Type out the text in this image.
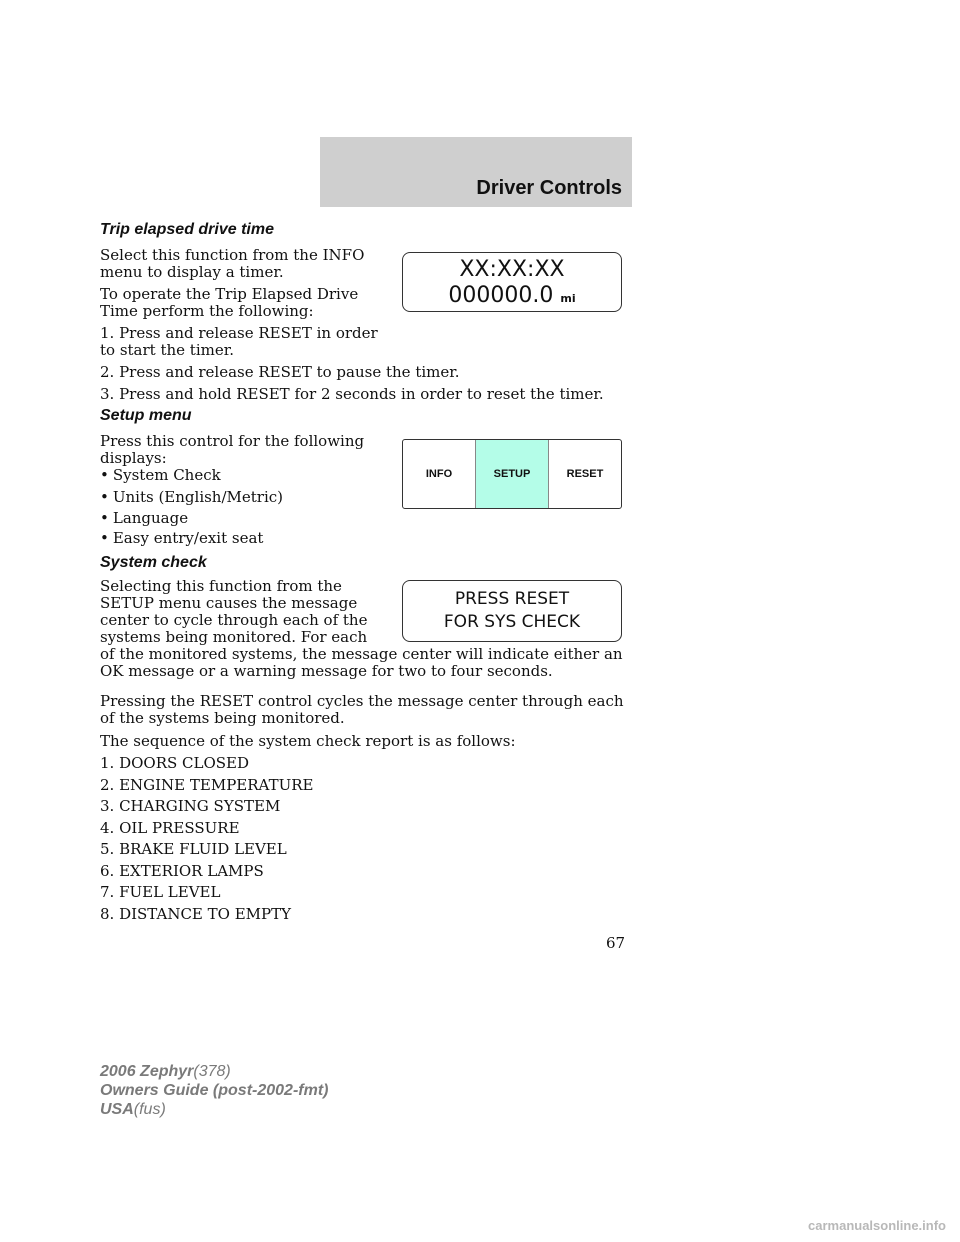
Driver Controls
Trip elapsed drive time
Select this function from the INFO menu to display a timer.
To operate the Trip Elapsed Drive Time perform the following:
1. Press and release RESET in order to start the timer.
2. Press and release RESET to pause the timer.
3. Press and hold RESET for 2 seconds in order to reset the timer.
XX:XX:XX
000000.0 mi
Setup menu
Press this control for the following displays:
• System Check
• Units (English/Metric)
• Language
• Easy entry/exit seat
INFO	SETUP	RESET
System check
Selecting this function from the SETUP menu causes the message center to cycle through each of the systems being monitored. For each of the monitored systems, the message center will indicate either an OK message or a warning message for two to four seconds.
Pressing the RESET control cycles the message center through each of the systems being monitored.
The sequence of the system check report is as follows:
PRESS RESET
FOR SYS CHECK
1. DOORS CLOSED
2. ENGINE TEMPERATURE
3. CHARGING SYSTEM
4. OIL PRESSURE
5. BRAKE FLUID LEVEL
6. EXTERIOR LAMPS
7. FUEL LEVEL
8. DISTANCE TO EMPTY
67
2006 Zephyr(378)
Owners Guide (post-2002-fmt)
USA(fus)
carmanualsonline.info
